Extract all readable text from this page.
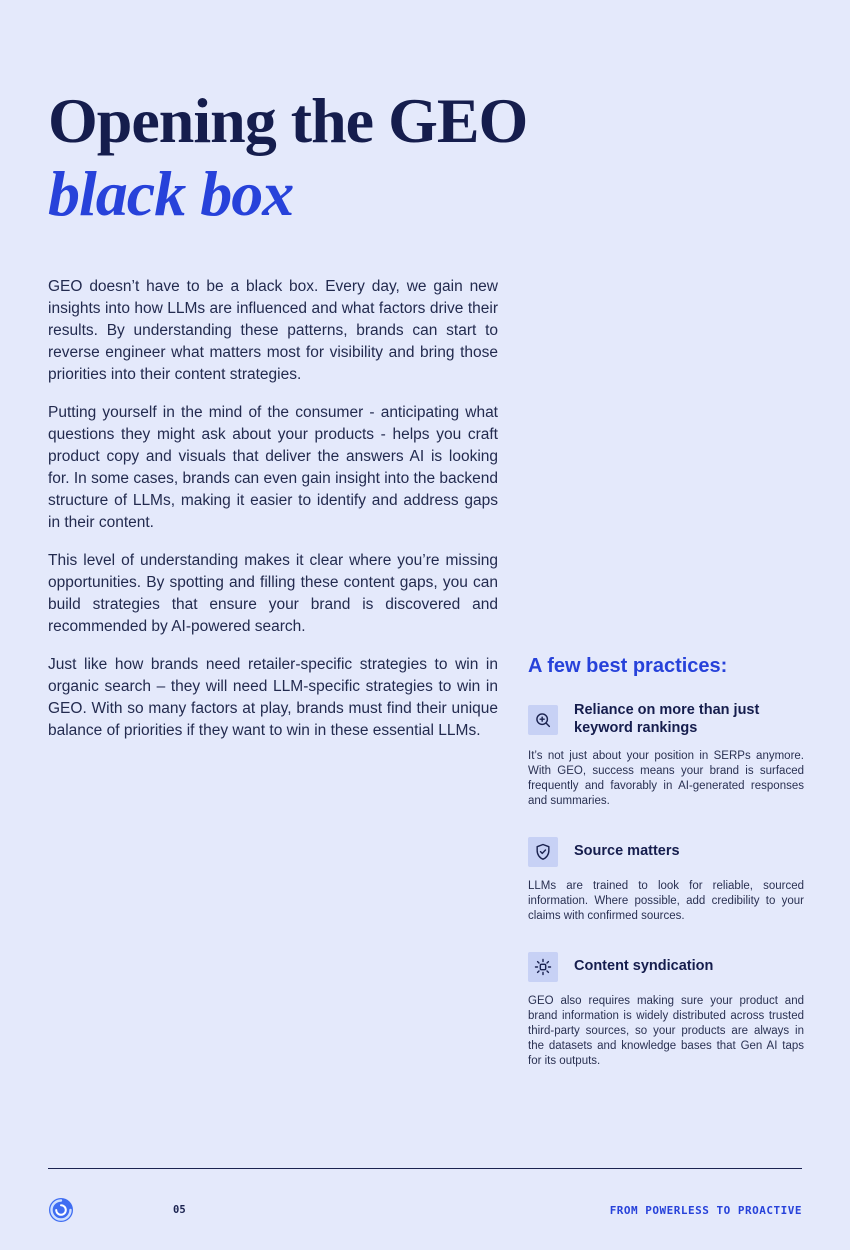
Opening the GEO
black box

GEO doesn’t have to be a black box. Every day, we gain new insights into how LLMs are influenced and what factors drive their results. By understanding these patterns, brands can start to reverse engineer what matters most for visibility and bring those priorities into their content strategies.

Putting yourself in the mind of the consumer - anticipating what questions they might ask about your products - helps you craft product copy and visuals that deliver the answers AI is looking for. In some cases, brands can even gain insight into the backend structure of LLMs, making it easier to identify and address gaps in their content.

This level of understanding makes it clear where you’re missing opportunities. By spotting and filling these content gaps, you can build strategies that ensure your brand is discovered and recommended by AI-powered search.

Just like how brands need retailer-specific strategies to win in organic search – they will need LLM-specific strategies to win in GEO. With so many factors at play, brands must find their unique balance of priorities if they want to win in these essential LLMs.

A few best practices:
Reliance on more than just keyword rankings
It’s not just about your position in SERPs anymore. With GEO, success means your brand is surfaced frequently and favorably in AI-generated responses and summaries.
Source matters
LLMs are trained to look for reliable, sourced information. Where possible, add credibility to your claims with confirmed sources.
Content syndication
GEO also requires making sure your product and brand information is widely distributed across trusted third-party sources, so your products are always in the datasets and knowledge bases that Gen AI taps for its outputs.
05	FROM POWERLESS TO PROACTIVE
